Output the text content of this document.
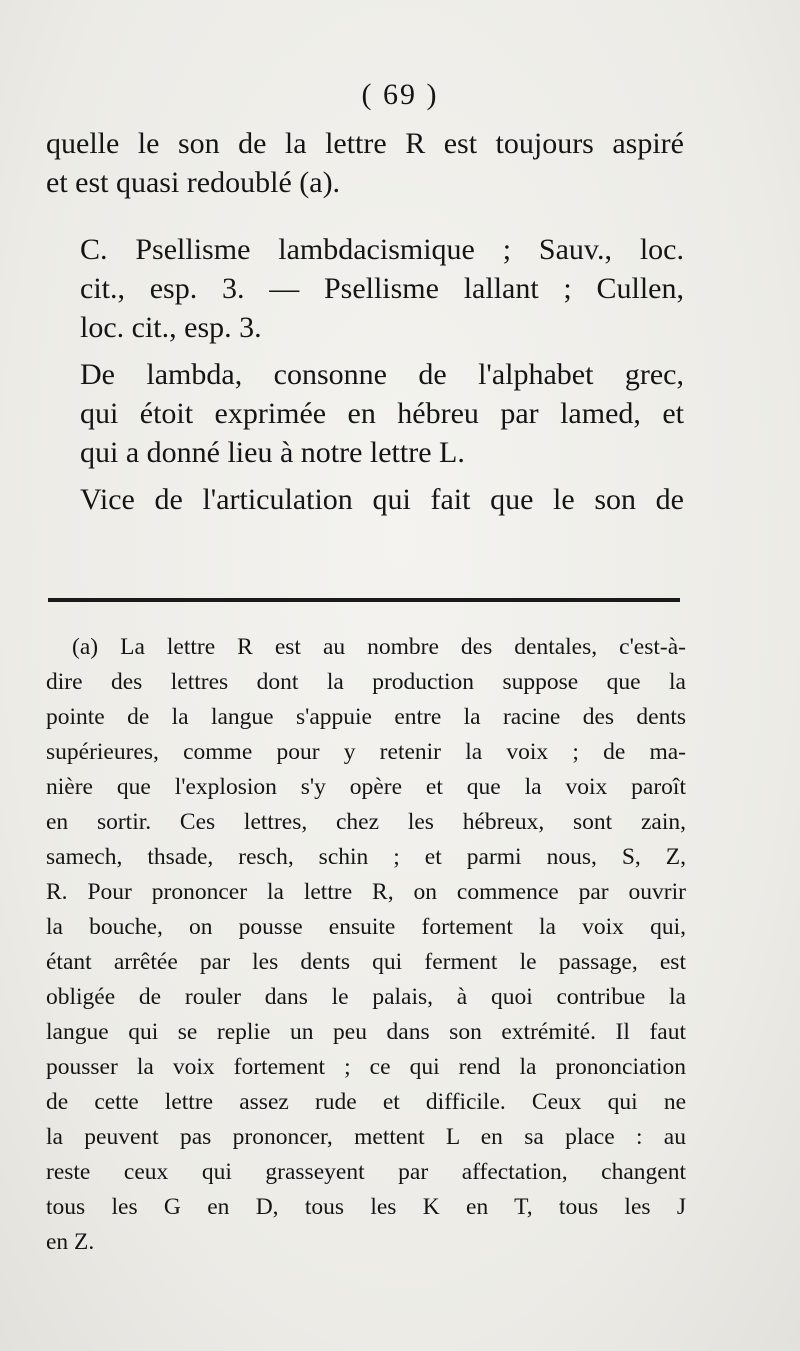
( 69 )

quelle le son de la lettre R est toujours aspiré
et est quasi redoublé (a).

C. Psellisme lambdacismique ; Sauv., loc.
cit., esp. 3. — Psellisme lallant ; Cullen,
loc. cit., esp. 3.

De lambda, consonne de l'alphabet grec,
qui étoit exprimée en hébreu par lamed, et
qui a donné lieu à notre lettre L.

Vice de l'articulation qui fait que le son de

(a) La lettre R est au nombre des dentales, c'est-à-
dire des lettres dont la production suppose que la
pointe de la langue s'appuie entre la racine des dents
supérieures, comme pour y retenir la voix ; de ma-
nière que l'explosion s'y opère et que la voix paroît
en sortir. Ces lettres, chez les hébreux, sont zain,
samech, thsade, resch, schin ; et parmi nous, S, Z,
R. Pour prononcer la lettre R, on commence par ouvrir
la bouche, on pousse ensuite fortement la voix qui,
étant arrêtée par les dents qui ferment le passage, est
obligée de rouler dans le palais, à quoi contribue la
langue qui se replie un peu dans son extrémité. Il faut
pousser la voix fortement ; ce qui rend la prononciation
de cette lettre assez rude et difficile. Ceux qui ne
la peuvent pas prononcer, mettent L en sa place : au
reste ceux qui grasseyent par affectation, changent
tous les G en D, tous les K en T, tous les J
en Z.
